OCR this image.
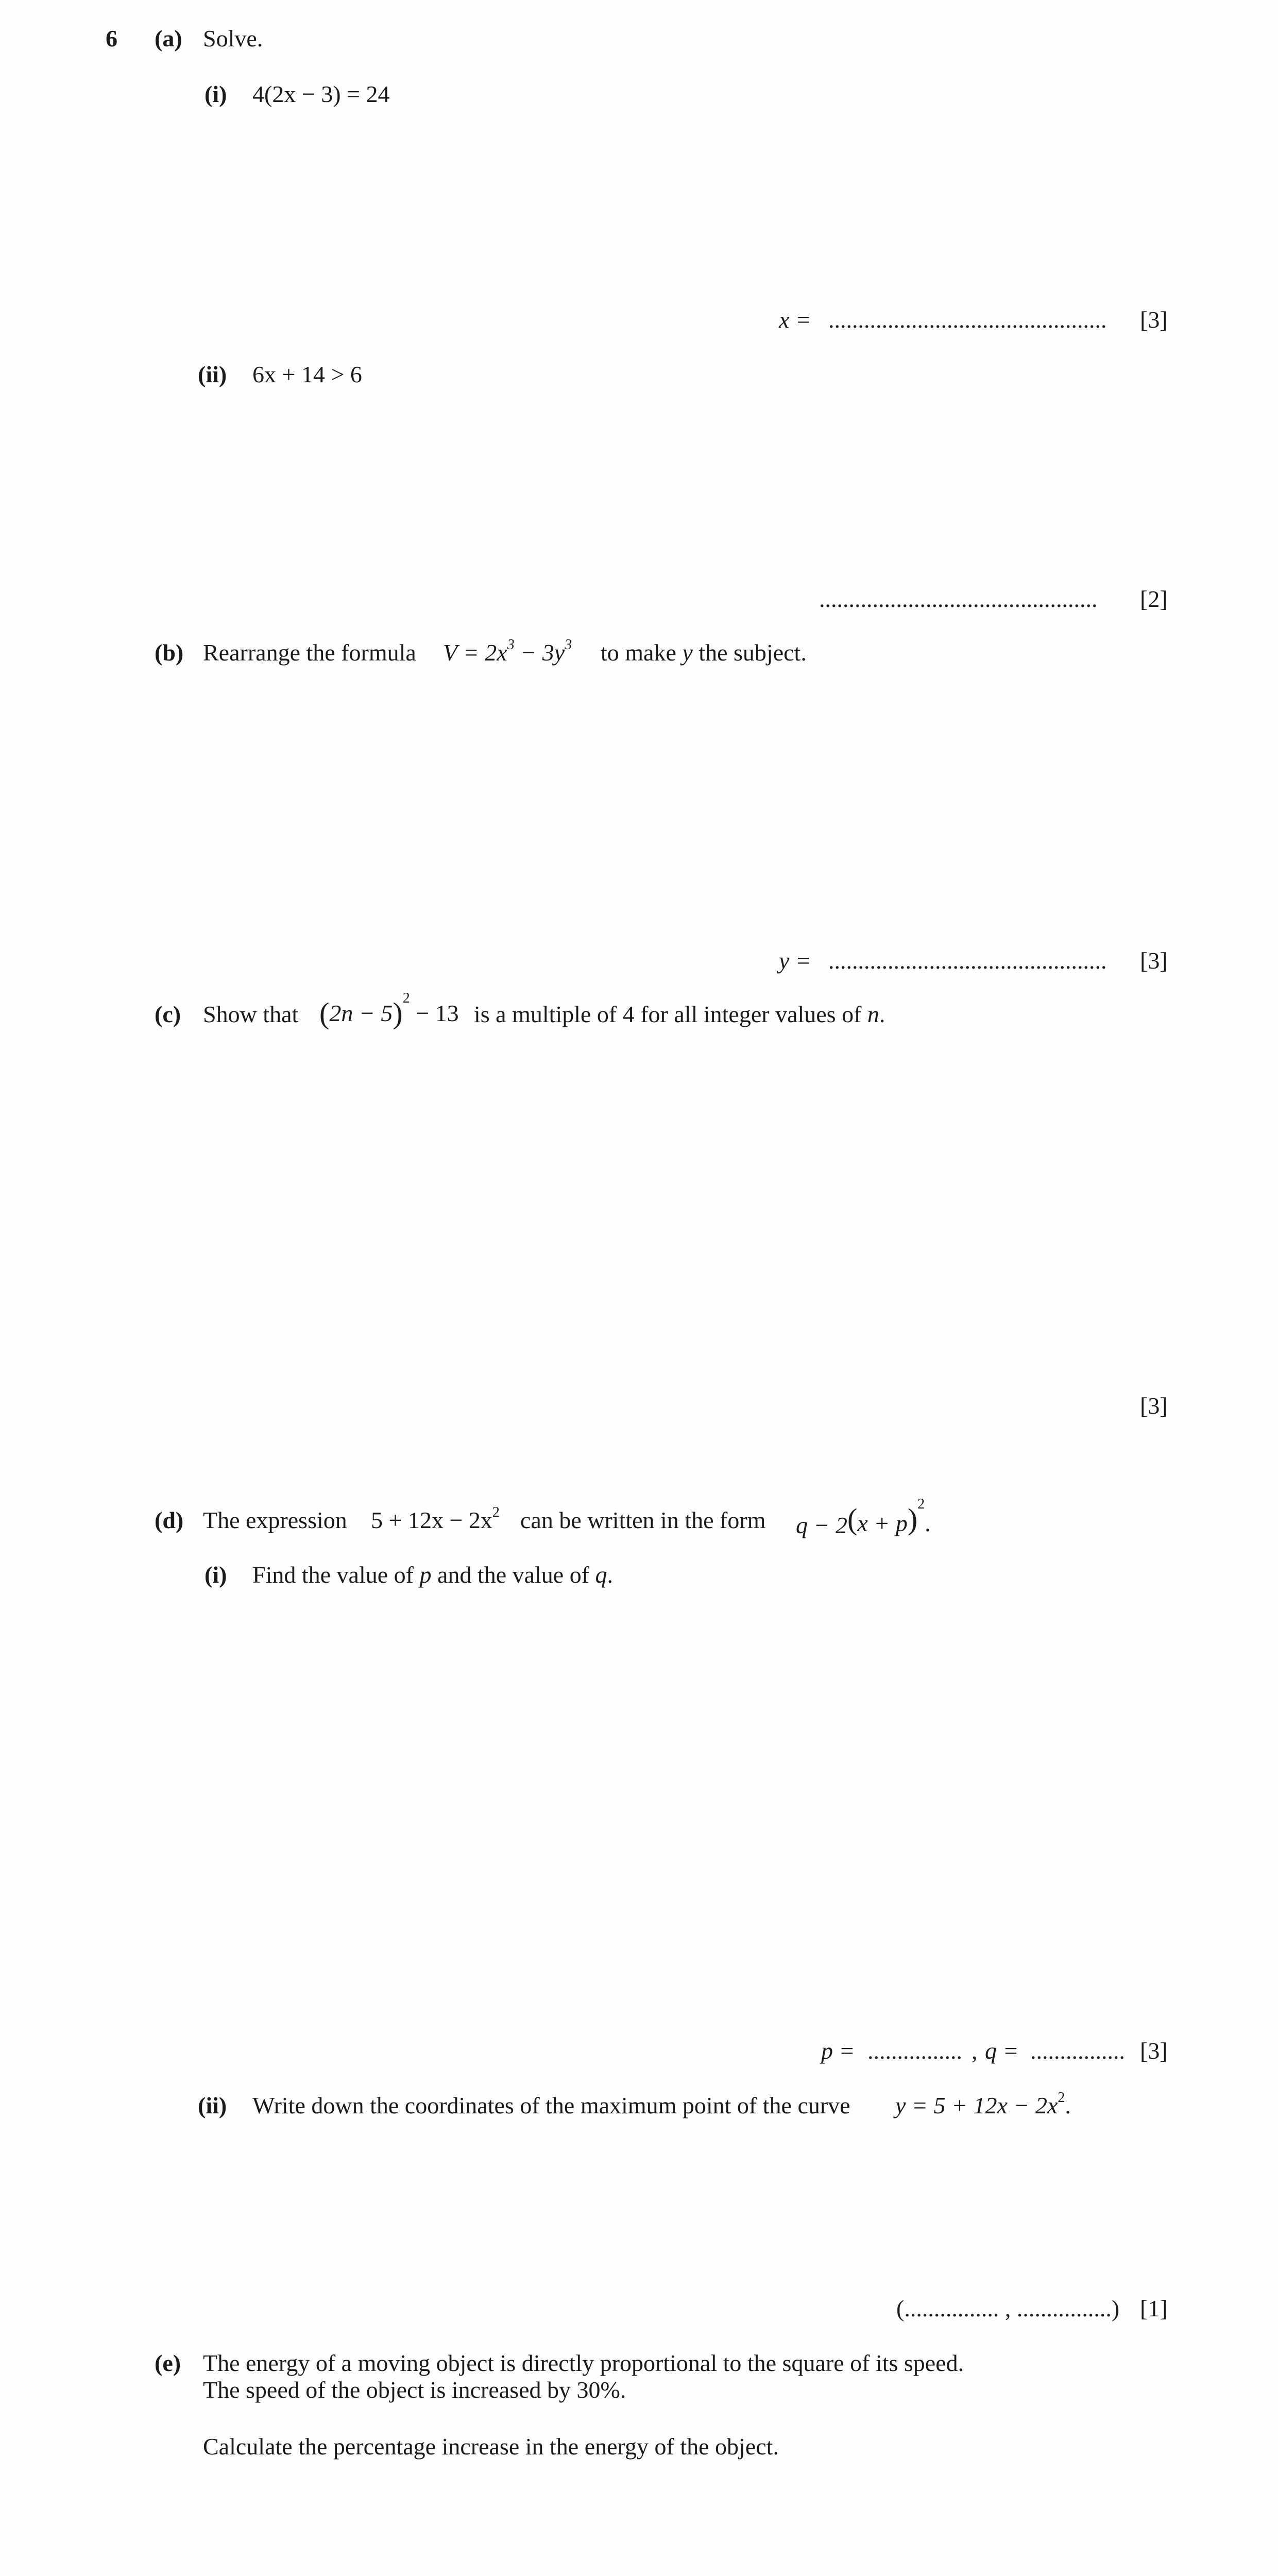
6 (a) Solve.
(i) 4(2x − 3) = 24
x = ............................................... [3]
(ii) 6x + 14 > 6
............................................... [2]
(b) Rearrange the formula $V = 2x^3 - 3y^3$ to make y the subject.
y = ............................................... [3]
(c) Show that $(2n - 5)^2 - 13$ is a multiple of 4 for all integer values of n.
[3]
(d) The expression $5 + 12x - 2x^2$ can be written in the form $q - 2(x + p)^2$.
(i) Find the value of p and the value of q.
p = ................ , q = ................ [3]
(ii) Write down the coordinates of the maximum point of the curve $y = 5 + 12x - 2x^2$.
(................ , ................) [1]
(e) The energy of a moving object is directly proportional to the square of its speed.
The speed of the object is increased by 30%.
Calculate the percentage increase in the energy of the object.
